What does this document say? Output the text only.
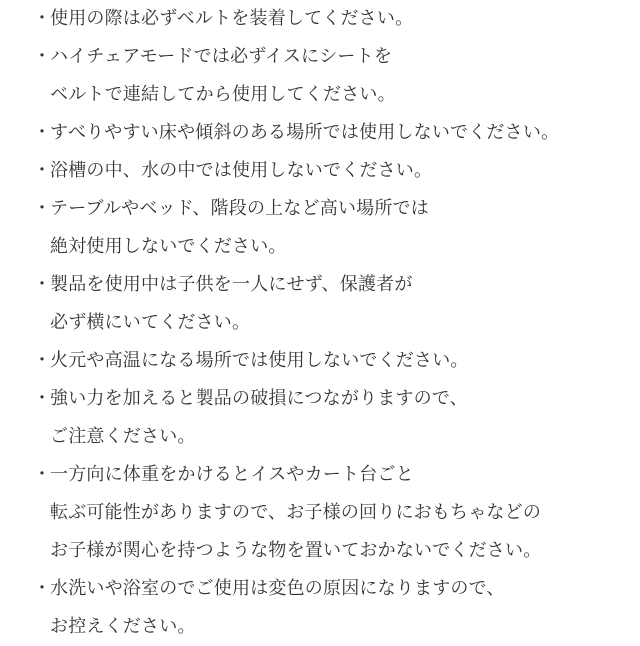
・ 使用の際は必ずベルトを装着してください。
・ ハイチェアモードでは必ずイスにシートを
ベルトで連結してから使用してください。
・ すべりやすい床や傾斜のある場所では使用しないでください。
・ 浴槽の中、水の中では使用しないでください。
・ テーブルやベッド、階段の上など高い場所では
絶対使用しないでください。
・ 製品を使用中は子供を一人にせず、保護者が
必ず横にいてください。
・ 火元や高温になる場所では使用しないでください。
・ 強い力を加えると製品の破損につながりますので、
ご注意ください。
・ 一方向に体重をかけるとイスやカート台ごと
転ぶ可能性がありますので、お子様の回りにおもちゃなどの
お子様が関心を持つような物を置いておかないでください。
・ 水洗いや浴室のでご使用は変色の原因になりますので、
お控えください。
